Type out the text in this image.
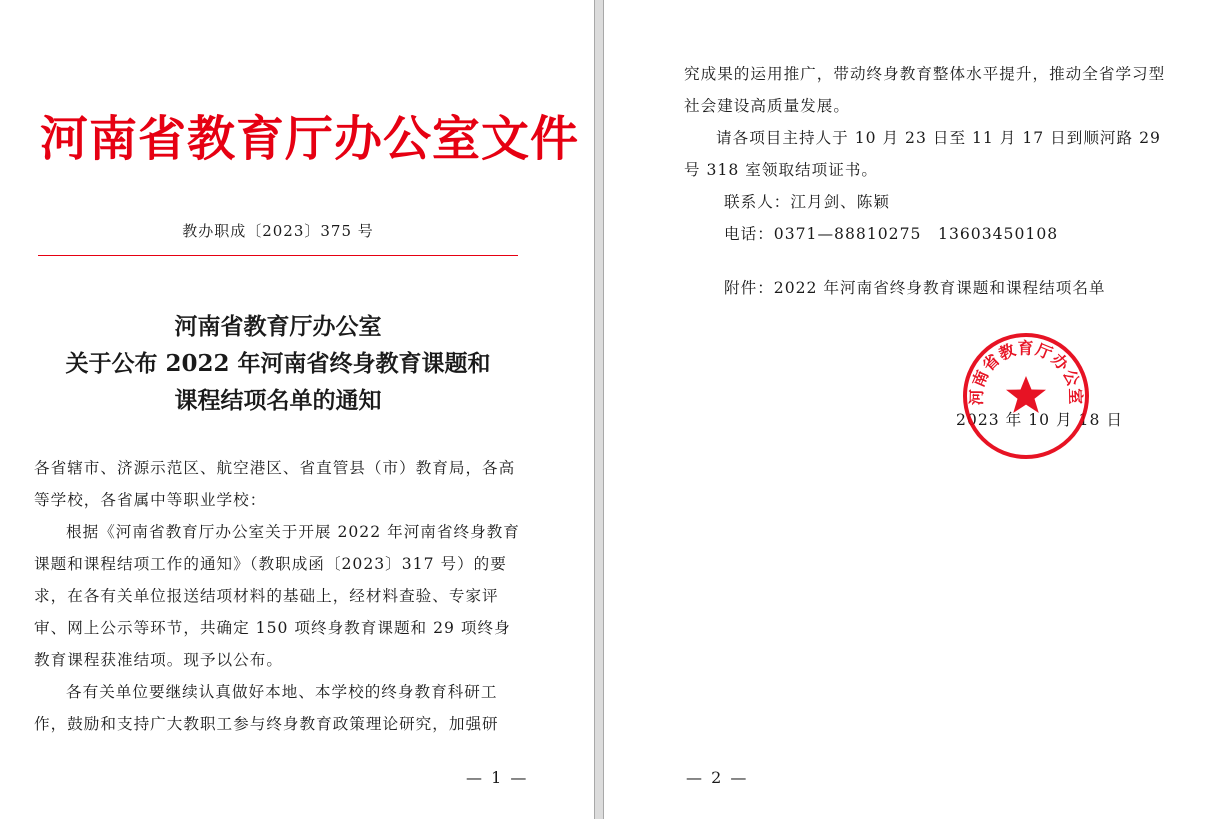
河南省教育厅办公室文件
教办职成〔2023〕375 号
河南省教育厅办公室
关于公布 2022 年河南省终身教育课题和
课程结项名单的通知

各省辖市、济源示范区、航空港区、省直管县（市）教育局，各高等学校，各省属中等职业学校：

根据《河南省教育厅办公室关于开展 2022 年河南省终身教育课题和课程结项工作的通知》（教职成函〔2023〕317 号）的要求，在各有关单位报送结项材料的基础上，经材料查验、专家评审、网上公示等环节，共确定 150 项终身教育课题和 29 项终身教育课程获准结项。现予以公布。

各有关单位要继续认真做好本地、本学校的终身教育科研工作，鼓励和支持广大教职工参与终身教育政策理论研究，加强研

— 1 —

究成果的运用推广，带动终身教育整体水平提升，推动全省学习型社会建设高质量发展。

请各项目主持人于 10 月 23 日至 11 月 17 日到顺河路 29 号 318 室领取结项证书。

联系人：江月剑、陈颖

电话：0371—88810275　13603450108

附件：2022 年河南省终身教育课题和课程结项名单

2023 年 10 月 18 日
河南省教育厅办公室
— 2 —
